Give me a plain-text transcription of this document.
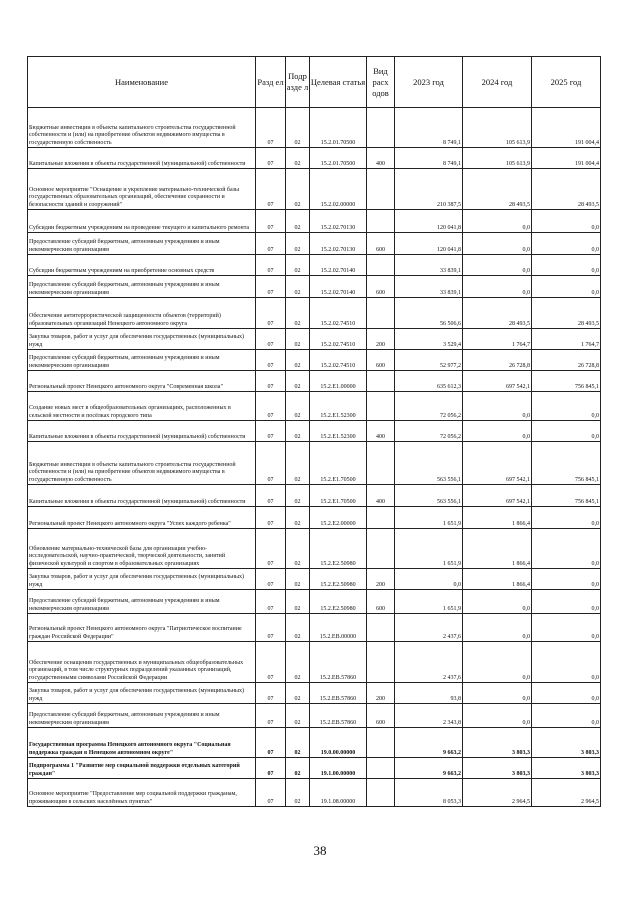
Наименование	Разд ел	Подр азде л	Целевая статья	Вид расх одов	2023 год	2024 год	2025 год
Бюджетные инвестиции в объекты капитального строительства государственной собственности и (или) на приобретение объектов недвижимого имущества в государственную собственность	07	02	15.2.01.70500		8 749,1	105 613,9	191 004,4
Капитальные вложения в объекты государственной (муниципальной) собственности	07	02	15.2.01.70500	400	8 749,1	105 613,9	191 004,4
Основное мероприятие "Оснащение и укрепление материально-технической базы государственных образовательных организаций, обеспечение сохранности и безопасности зданий и сооружений"	07	02	15.2.02.00000		210 387,5	28 493,5	28 493,5
Субсидии бюджетным учреждениям на проведение текущего и капитального ремонта	07	02	15.2.02.70130		120 041,8	0,0	0,0
Предоставление субсидий бюджетным, автономным учреждениям и иным некоммерческим организациям	07	02	15.2.02.70130	600	120 041,8	0,0	0,0
Субсидии бюджетным учреждениям на приобретение основных средств	07	02	15.2.02.70140		33 839,1	0,0	0,0
Предоставление субсидий бюджетным, автономным учреждениям и иным некоммерческим организациям	07	02	15.2.02.70140	600	33 839,1	0,0	0,0
Обеспечение антитеррористической защищенности объектов (территорий) образовательных организаций Ненецкого автономного округа	07	02	15.2.02.74510		56 506,6	28 493,5	28 493,5
Закупка товаров, работ и услуг для обеспечения государственных (муниципальных) нужд	07	02	15.2.02.74510	200	3 529,4	1 764,7	1 764,7
Предоставление субсидий бюджетным, автономным учреждениям и иным некоммерческим организациям	07	02	15.2.02.74510	600	52 977,2	26 728,8	26 728,8
Региональный проект Ненецкого автономного округа "Современная школа"	07	02	15.2.E1.00000		635 612,3	697 542,1	756 845,1
Создание новых мест в общеобразовательных организациях, расположенных в сельской местности и посёлках городского типа	07	02	15.2.E1.52300		72 056,2	0,0	0,0
Капитальные вложения в объекты государственной (муниципальной) собственности	07	02	15.2.E1.52300	400	72 056,2	0,0	0,0
Бюджетные инвестиции в объекты капитального строительства государственной собственности и (или) на приобретение объектов недвижимого имущества в государственную собственность	07	02	15.2.E1.70500		563 556,1	697 542,1	756 845,1
Капитальные вложения в объекты государственной (муниципальной) собственности	07	02	15.2.E1.70500	400	563 556,1	697 542,1	756 845,1
Региональный проект Ненецкого автономного округа "Успех каждого ребенка"	07	02	15.2.E2.00000		1 651,9	1 866,4	0,0
Обновление материально-технической базы для организации учебно-исследовательской, научно-практической, творческой деятельности, занятий физической культурой и спортом в образовательных организациях	07	02	15.2.E2.50980		1 651,9	1 866,4	0,0
Закупка товаров, работ и услуг для обеспечения государственных (муниципальных) нужд	07	02	15.2.E2.50980	200	0,0	1 866,4	0,0
Предоставление субсидий бюджетным, автономным учреждениям и иным некоммерческим организациям	07	02	15.2.E2.50980	600	1 651,9	0,0	0,0
Региональный проект Ненецкого автономного округа "Патриотическое воспитание граждан Российской Федерации"	07	02	15.2.EB.00000		2 437,6	0,0	0,0
Обеспечение оснащения государственных и муниципальных общеобразовательных организаций, в том числе структурных подразделений указанных организаций, государственными символами Российской Федерации	07	02	15.2.EB.57860		2 437,6	0,0	0,0
Закупка товаров, работ и услуг для обеспечения государственных (муниципальных) нужд	07	02	15.2.EB.57860	200	93,8	0,0	0,0
Предоставление субсидий бюджетным, автономным учреждениям и иным некоммерческим организациям	07	02	15.2.EB.57860	600	2 343,8	0,0	0,0
Государственная программа Ненецкого автономного округа "Социальная поддержка граждан в Ненецком автономном округе"	07	02	19.0.00.00000		9 663,2	3 803,3	3 803,3
Подпрограмма 1 "Развитие мер социальной поддержки отдельных категорий граждан"	07	02	19.1.00.00000		9 663,2	3 803,3	3 803,3
Основное мероприятие "Предоставление мер социальной поддержки гражданам, проживающим в сельских населённых пунктах"	07	02	19.1.08.00000		8 053,3	2 964,5	2 964,5
38
